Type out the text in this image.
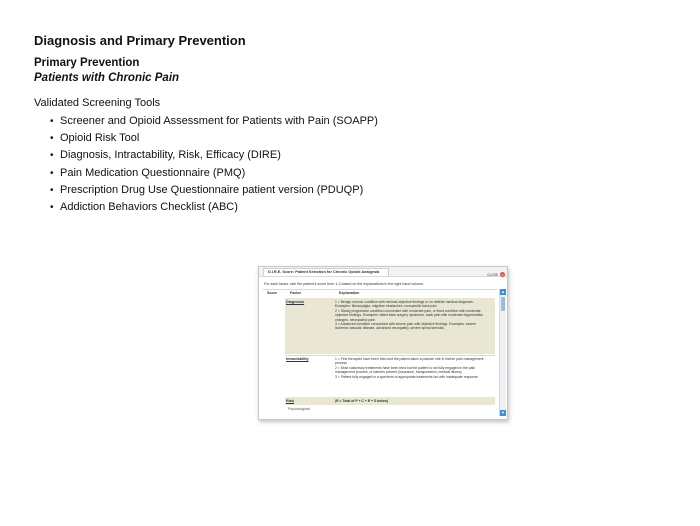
Diagnosis and Primary Prevention
Primary Prevention
Patients with Chronic Pain
Validated Screening Tools
• Screener and Opioid Assessment for Patients with Pain (SOAPP)
• Opioid Risk Tool
• Diagnosis, Intractability, Risk, Efficacy (DIRE)
• Pain Medication Questionnaire (PMQ)
• Prescription Drug Use Questionnaire patient version (PDUQP)
• Addiction Behaviors Checklist (ABC)
D.I.R.E. Score: Patient Selection for Chronic Opioid Analgesia
CLOSE ×
For each factor, rate the patient's score from 1-3 based on the explanations in the right hand column.
Score	Factor	Explanation
Diagnosis	1 = Benign chronic condition with minimal objective findings or no definite medical diagnosis. Examples: fibromyalgia, migraine headaches, nonspecific back pain
2 = Slowly progressive condition concordant with moderate pain, or fixed condition with moderate objective findings. Examples: failed back surgery syndrome, back pain with moderate degenerative changes, neuropathic pain
3 = Advanced condition concordant with severe pain with objective findings. Examples: severe ischemic vascular disease, advanced neuropathy, severe spinal stenosis
Intractability	1 = Few therapies have been tried and the patient takes a passive role in his/her pain management process
2 = Most customary treatments have been tried but the patient is not fully engaged in the pain management process, or barriers prevent (insurance, transportation, medical illness)
3 = Patient fully engaged in a spectrum of appropriate treatments but with inadequate response
Risk	(R = Total of P + C + R + S below)
Psychological:
▲
▼
